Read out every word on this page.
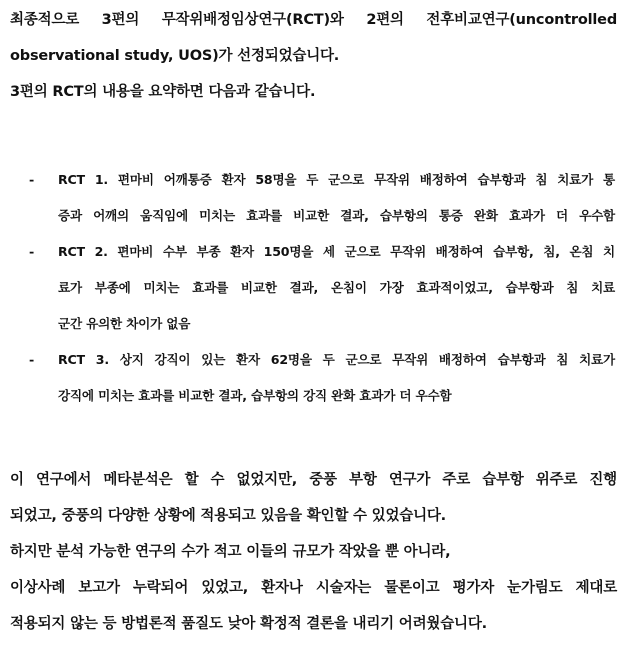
최종적으로 3편의 무작위배정임상연구(RCT)와 2편의 전후비교연구(uncontrolled
observational study, UOS)가 선정되었습니다.
3편의 RCT의 내용을 요약하면 다음과 같습니다.
- RCT 1. 편마비 어깨통증 환자 58명을 두 군으로 무작위 배정하여 습부항과 침 치료가 통
증과 어깨의 움직임에 미치는 효과를 비교한 결과, 습부항의 통증 완화 효과가 더 우수함
- RCT 2. 편마비 수부 부종 환자 150명을 세 군으로 무작위 배정하여 습부항, 침, 온침 치
료가 부종에 미치는 효과를 비교한 결과, 온침이 가장 효과적이었고, 습부항과 침 치료
군간 유의한 차이가 없음
- RCT 3. 상지 강직이 있는 환자 62명을 두 군으로 무작위 배정하여 습부항과 침 치료가
강직에 미치는 효과를 비교한 결과, 습부항의 강직 완화 효과가 더 우수함
이 연구에서 메타분석은 할 수 없었지만, 중풍 부항 연구가 주로 습부항 위주로 진행
되었고, 중풍의 다양한 상황에 적용되고 있음을 확인할 수 있었습니다.
하지만 분석 가능한 연구의 수가 적고 이들의 규모가 작았을 뿐 아니라,
이상사례 보고가 누락되어 있었고, 환자나 시술자는 물론이고 평가자 눈가림도 제대로
적용되지 않는 등 방법론적 품질도 낮아 확정적 결론을 내리기 어려웠습니다.
